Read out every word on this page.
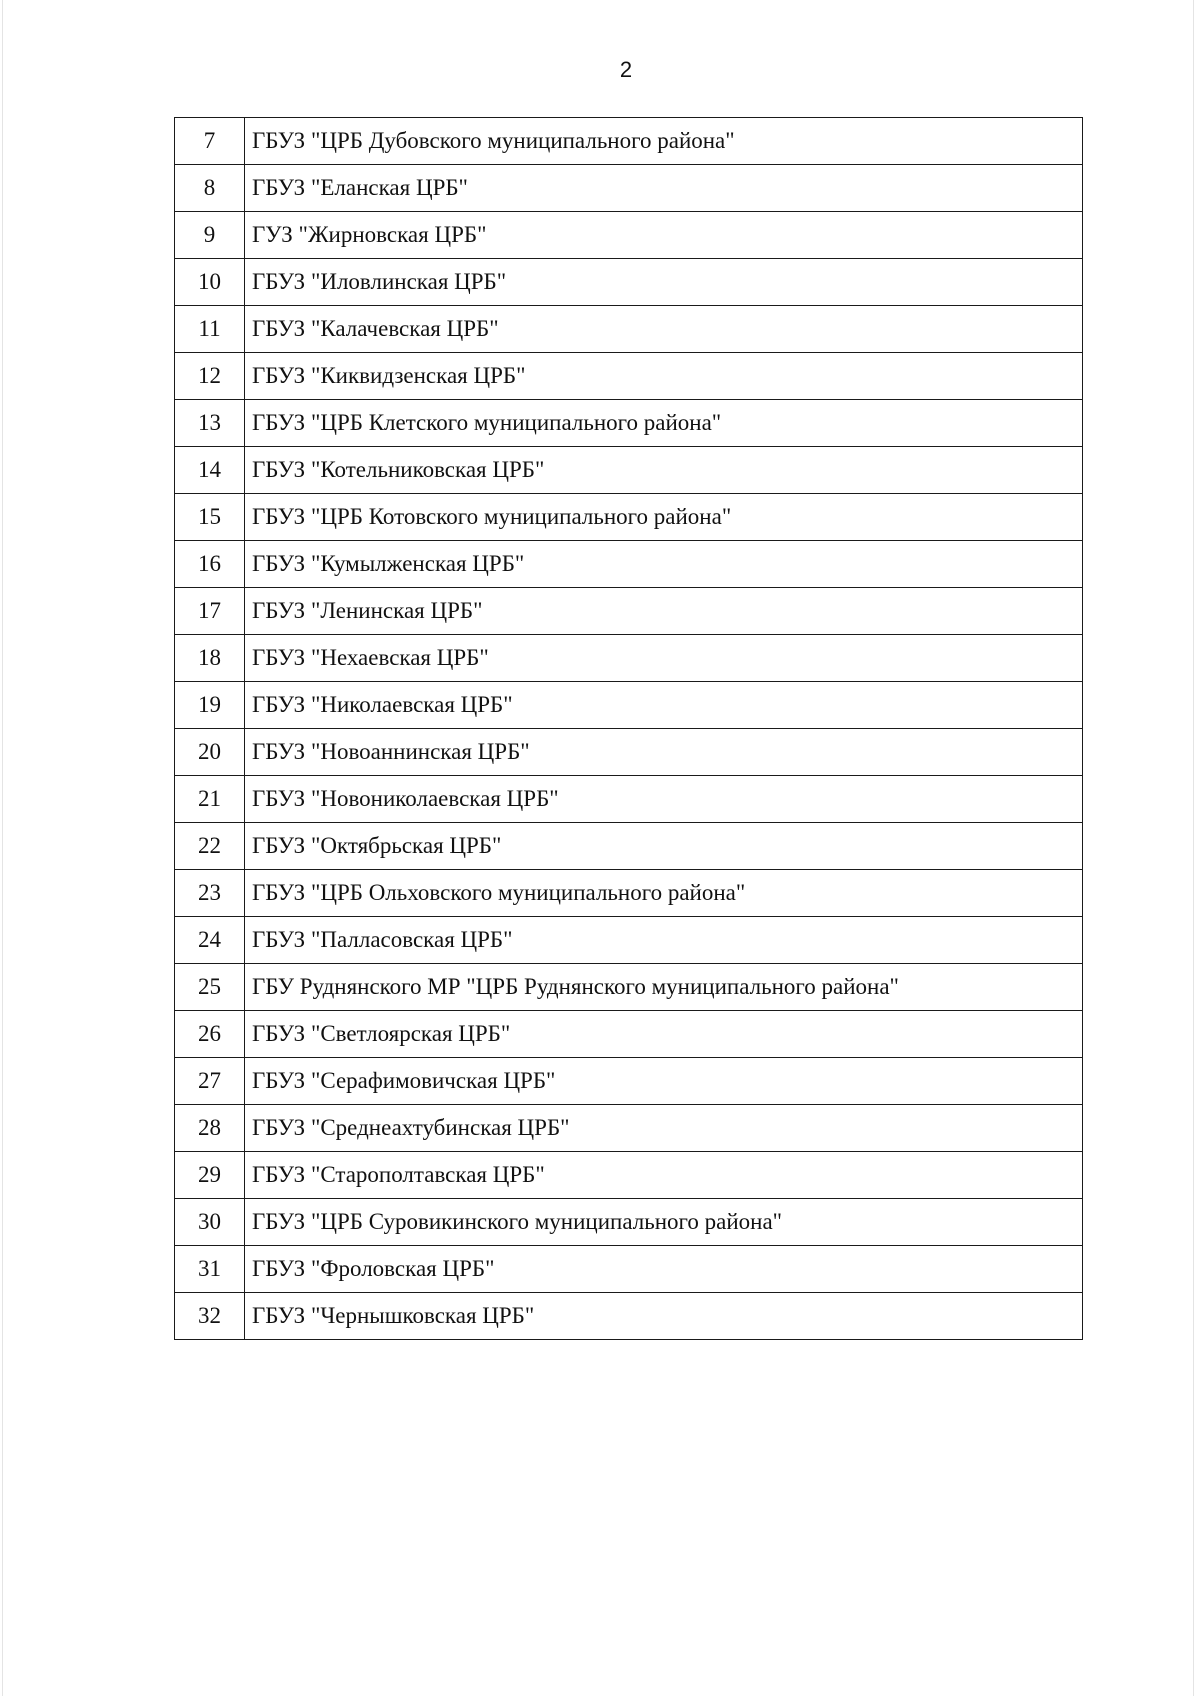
2
7	ГБУЗ "ЦРБ Дубовского муниципального района"
8	ГБУЗ "Еланская ЦРБ"
9	ГУЗ "Жирновская ЦРБ"
10	ГБУЗ "Иловлинская ЦРБ"
11	ГБУЗ "Калачевская ЦРБ"
12	ГБУЗ "Киквидзенская ЦРБ"
13	ГБУЗ "ЦРБ Клетского муниципального района"
14	ГБУЗ "Котельниковская ЦРБ"
15	ГБУЗ "ЦРБ Котовского муниципального района"
16	ГБУЗ "Кумылженская ЦРБ"
17	ГБУЗ "Ленинская ЦРБ"
18	ГБУЗ "Нехаевская ЦРБ"
19	ГБУЗ "Николаевская ЦРБ"
20	ГБУЗ "Новоаннинская ЦРБ"
21	ГБУЗ "Новониколаевская ЦРБ"
22	ГБУЗ "Октябрьская ЦРБ"
23	ГБУЗ "ЦРБ Ольховского муниципального района"
24	ГБУЗ "Палласовская ЦРБ"
25	ГБУ Руднянского МР "ЦРБ Руднянского муниципального района"
26	ГБУЗ "Светлоярская ЦРБ"
27	ГБУЗ "Серафимовичская ЦРБ"
28	ГБУЗ "Среднеахтубинская ЦРБ"
29	ГБУЗ "Старополтавская ЦРБ"
30	ГБУЗ "ЦРБ Суровикинского муниципального района"
31	ГБУЗ "Фроловская ЦРБ"
32	ГБУЗ "Чернышковская ЦРБ"
